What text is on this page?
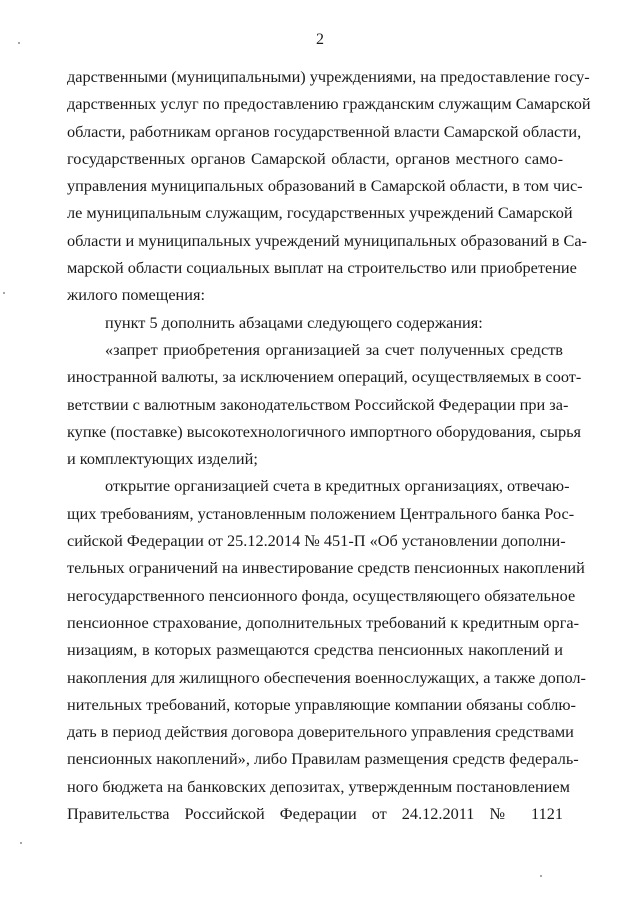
2
дарственными (муниципальными) учреждениями, на предоставление госу-
дарственных услуг по предоставлению гражданским служащим Самарской
области, работникам органов государственной власти Самарской области,
государственных органов Самарской области, органов местного само-
управления муниципальных образований в Самарской области, в том чис-
ле муниципальным служащим, государственных учреждений Самарской
области и муниципальных учреждений муниципальных образований в Са-
марской области социальных выплат на строительство или приобретение
жилого помещения:
пункт 5 дополнить абзацами следующего содержания:
«запрет приобретения организацией за счет полученных средств
иностранной валюты, за исключением операций, осуществляемых в соот-
ветствии с валютным законодательством Российской Федерации при за-
купке (поставке) высокотехнологичного импортного оборудования, сырья
и комплектующих изделий;
открытие организацией счета в кредитных организациях, отвечаю-
щих требованиям, установленным положением Центрального банка Рос-
сийской Федерации от 25.12.2014 № 451-П «Об установлении дополни-
тельных ограничений на инвестирование средств пенсионных накоплений
негосударственного пенсионного фонда, осуществляющего обязательное
пенсионное страхование, дополнительных требований к кредитным орга-
низациям, в которых размещаются средства пенсионных накоплений и
накопления для жилищного обеспечения военнослужащих, а также допол-
нительных требований, которые управляющие компании обязаны соблю-
дать в период действия договора доверительного управления средствами
пенсионных накоплений», либо Правилам размещения средств федераль-
ного бюджета на банковских депозитах, утвержденным постановлением
Правительства Российской Федерации от 24.12.2011 № 1121
